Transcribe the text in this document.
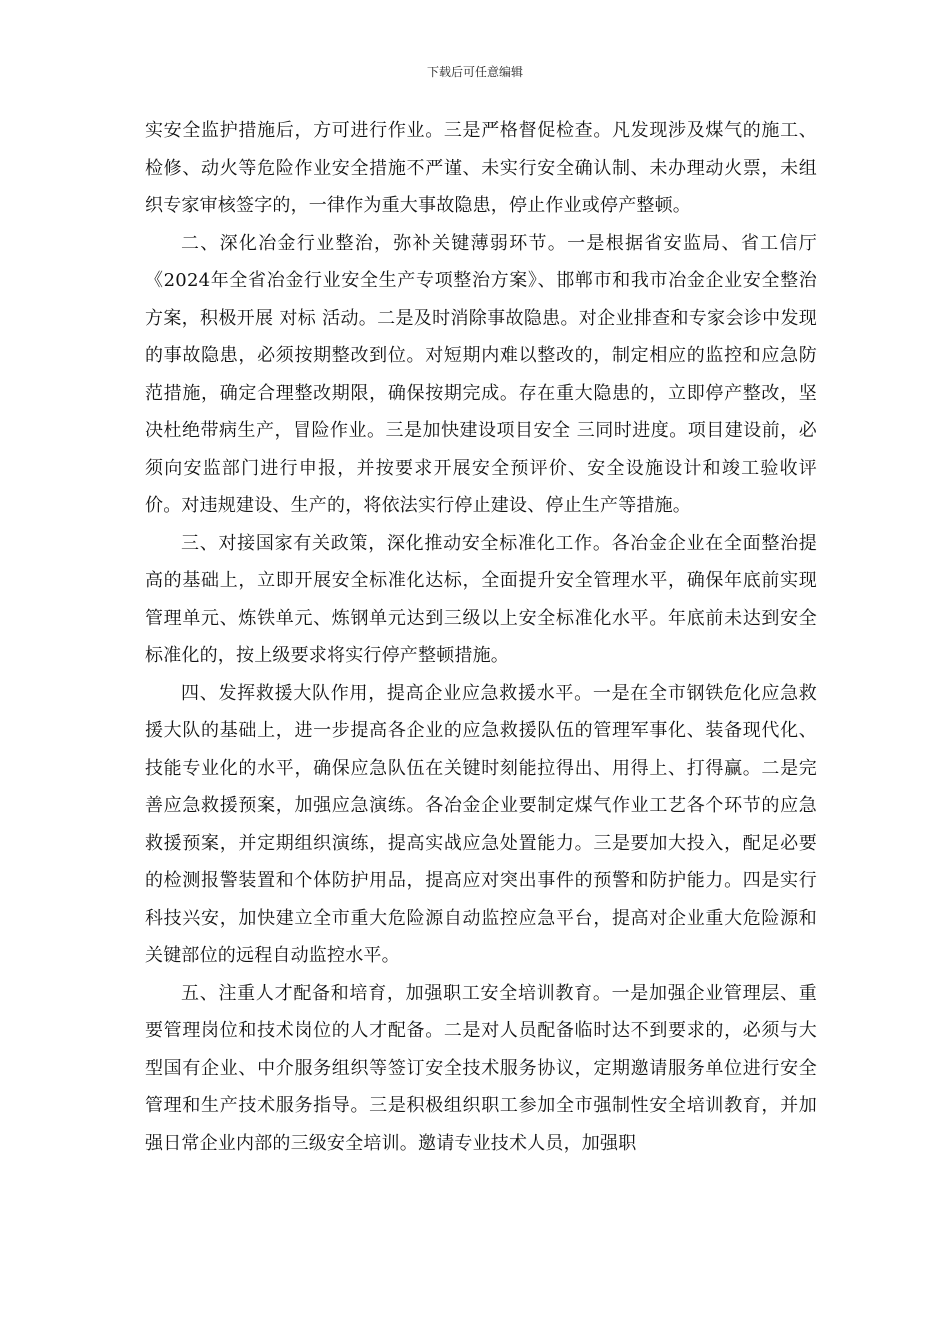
下载后可任意编辑

实安全监护措施后，方可进行作业。三是严格督促检查。凡发现涉及煤气的施工、检修、动火等危险作业安全措施不严谨、未实行安全确认制、未办理动火票，未组织专家审核签字的，一律作为重大事故隐患，停止作业或停产整顿。

二、深化冶金行业整治，弥补关键薄弱环节。一是根据省安监局、省工信厅《2024年全省冶金行业安全生产专项整治方案》、邯郸市和我市冶金企业安全整治方案，积极开展 对标 活动。二是及时消除事故隐患。对企业排查和专家会诊中发现的事故隐患，必须按期整改到位。对短期内难以整改的，制定相应的监控和应急防范措施，确定合理整改期限，确保按期完成。存在重大隐患的，立即停产整改，坚决杜绝带病生产，冒险作业。三是加快建设项目安全 三同时进度。项目建设前，必须向安监部门进行申报，并按要求开展安全预评价、安全设施设计和竣工验收评价。对违规建设、生产的，将依法实行停止建设、停止生产等措施。

三、对接国家有关政策，深化推动安全标准化工作。各冶金企业在全面整治提高的基础上，立即开展安全标准化达标，全面提升安全管理水平，确保年底前实现管理单元、炼铁单元、炼钢单元达到三级以上安全标准化水平。年底前未达到安全标准化的，按上级要求将实行停产整顿措施。

四、发挥救援大队作用，提高企业应急救援水平。一是在全市钢铁危化应急救援大队的基础上，进一步提高各企业的应急救援队伍的管理军事化、装备现代化、技能专业化的水平，确保应急队伍在关键时刻能拉得出、用得上、打得赢。二是完善应急救援预案，加强应急演练。各冶金企业要制定煤气作业工艺各个环节的应急救援预案，并定期组织演练，提高实战应急处置能力。三是要加大投入，配足必要的检测报警装置和个体防护用品，提高应对突出事件的预警和防护能力。四是实行科技兴安，加快建立全市重大危险源自动监控应急平台，提高对企业重大危险源和关键部位的远程自动监控水平。

五、注重人才配备和培育，加强职工安全培训教育。一是加强企业管理层、重要管理岗位和技术岗位的人才配备。二是对人员配备临时达不到要求的，必须与大型国有企业、中介服务组织等签订安全技术服务协议，定期邀请服务单位进行安全管理和生产技术服务指导。三是积极组织职工参加全市强制性安全培训教育，并加强日常企业内部的三级安全培训。邀请专业技术人员，加强职
